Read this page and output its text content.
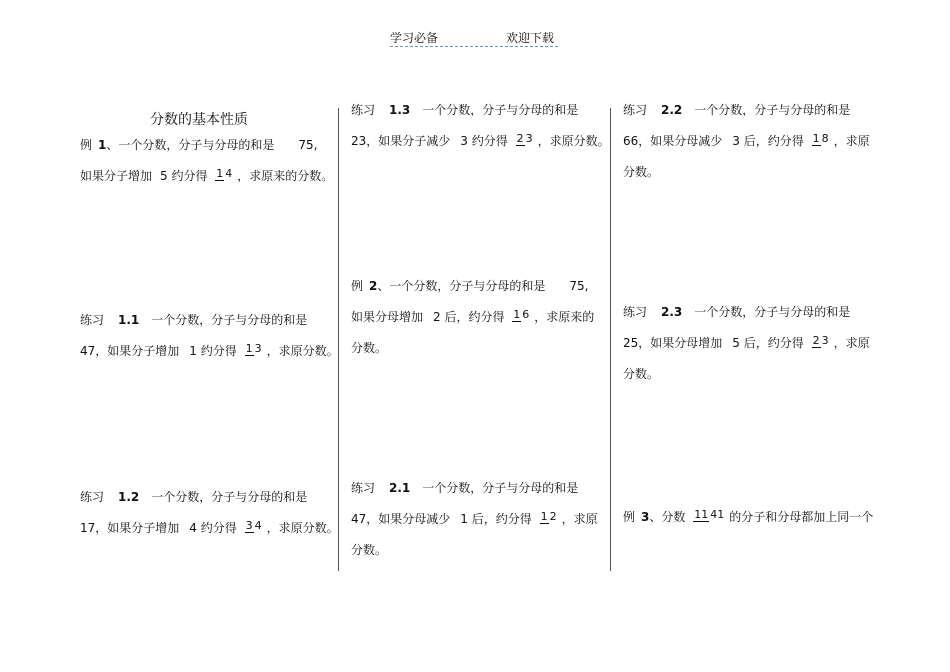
学习必备	欢迎下载
分数的基本性质
例 1、一个分数，分子与分母的和是 75,
如果分子增加 5 约分得 1 4 ，求原来的分数。
练习 1.1 一个分数，分子与分母的和是
47，如果分子增加 1 约分得 1 3 ，求原分数。
练习 1.2 一个分数，分子与分母的和是
17，如果分子增加 4 约分得 3 4 ，求原分数。
练习 1.3 一个分数，分子与分母的和是
23，如果分子减少 3 约分得 2 3 ，求原分数。
例 2、一个分数，分子与分母的和是 75,
如果分母增加 2 后，约分得 1 6 ，求原来的
分数。
练习 2.1 一个分数，分子与分母的和是
47，如果分母减少 1 后，约分得 1 2 ，求原
分数。
练习 2.2 一个分数，分子与分母的和是
66，如果分母减少 3 后，约分得 1 8 ，求原
分数。
练习 2.3 一个分数，分子与分母的和是
25，如果分母增加 5 后，约分得 2 3 ，求原
分数。
例 3、分数 11 41 的分子和分母都加上同一个
